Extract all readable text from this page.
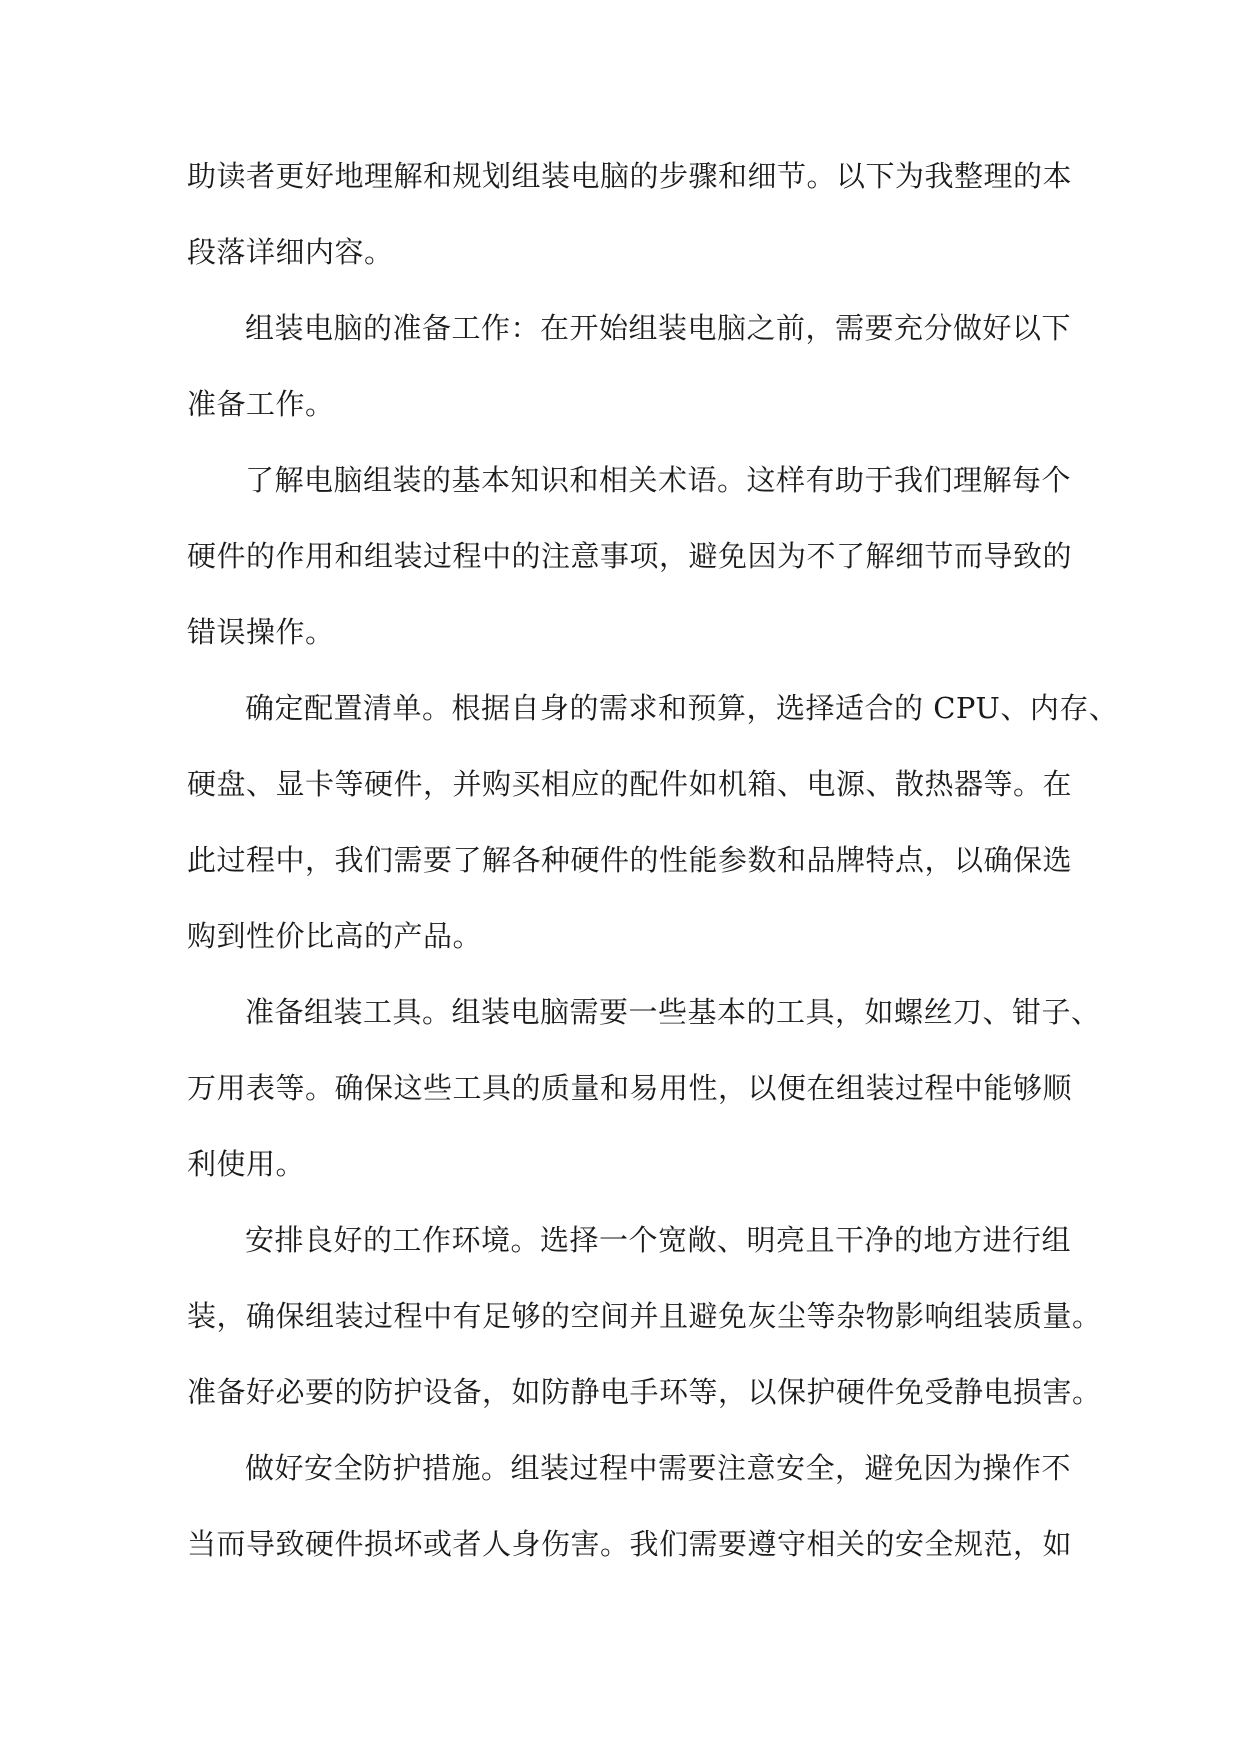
助读者更好地理解和规划组装电脑的步骤和细节。以下为我整理的本
段落详细内容。

组装电脑的准备工作：在开始组装电脑之前，需要充分做好以下
准备工作。

了解电脑组装的基本知识和相关术语。这样有助于我们理解每个
硬件的作用和组装过程中的注意事项，避免因为不了解细节而导致的
错误操作。

确定配置清单。根据自身的需求和预算，选择适合的 CPU、内存、
硬盘、显卡等硬件，并购买相应的配件如机箱、电源、散热器等。在
此过程中，我们需要了解各种硬件的性能参数和品牌特点，以确保选
购到性价比高的产品。

准备组装工具。组装电脑需要一些基本的工具，如螺丝刀、钳子、
万用表等。确保这些工具的质量和易用性，以便在组装过程中能够顺
利使用。

安排良好的工作环境。选择一个宽敞、明亮且干净的地方进行组
装，确保组装过程中有足够的空间并且避免灰尘等杂物影响组装质量。
准备好必要的防护设备，如防静电手环等，以保护硬件免受静电损害。

做好安全防护措施。组装过程中需要注意安全，避免因为操作不
当而导致硬件损坏或者人身伤害。我们需要遵守相关的安全规范，如
